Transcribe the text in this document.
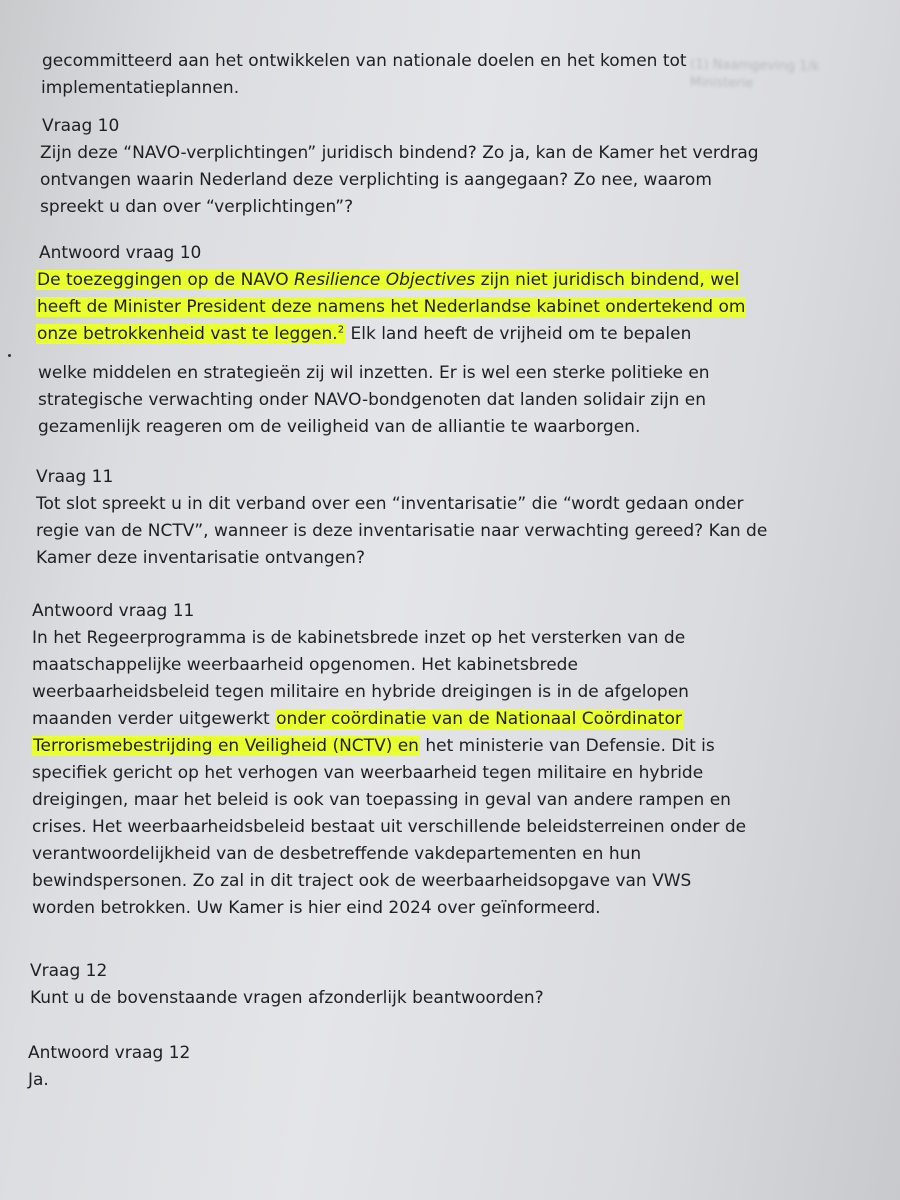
(1) Naamgeving 1/k
Ministerie
gecommitteerd aan het ontwikkelen van nationale doelen en het komen tot
implementatieplannen.
Vraag 10
Zijn deze “NAVO-verplichtingen” juridisch bindend? Zo ja, kan de Kamer het verdrag
ontvangen waarin Nederland deze verplichting is aangegaan? Zo nee, waarom
spreekt u dan over “verplichtingen”?
Antwoord vraag 10
De toezeggingen op de NAVO Resilience Objectives zijn niet juridisch bindend, wel
heeft de Minister President deze namens het Nederlandse kabinet ondertekend om
onze betrokkenheid vast te leggen.$^2$ Elk land heeft de vrijheid om te bepalen
welke middelen en strategieën zij wil inzetten. Er is wel een sterke politieke en
strategische verwachting onder NAVO-bondgenoten dat landen solidair zijn en
gezamenlijk reageren om de veiligheid van de alliantie te waarborgen.
Vraag 11
Tot slot spreekt u in dit verband over een “inventarisatie” die “wordt gedaan onder
regie van de NCTV”, wanneer is deze inventarisatie naar verwachting gereed? Kan de
Kamer deze inventarisatie ontvangen?
Antwoord vraag 11
In het Regeerprogramma is de kabinetsbrede inzet op het versterken van de
maatschappelijke weerbaarheid opgenomen. Het kabinetsbrede
weerbaarheidsbeleid tegen militaire en hybride dreigingen is in de afgelopen
maanden verder uitgewerkt onder coördinatie van de Nationaal Coördinator
Terrorismebestrijding en Veiligheid (NCTV) en het ministerie van Defensie. Dit is
specifiek gericht op het verhogen van weerbaarheid tegen militaire en hybride
dreigingen, maar het beleid is ook van toepassing in geval van andere rampen en
crises. Het weerbaarheidsbeleid bestaat uit verschillende beleidsterreinen onder de
verantwoordelijkheid van de desbetreffende vakdepartementen en hun
bewindspersonen. Zo zal in dit traject ook de weerbaarheidsopgave van VWS
worden betrokken. Uw Kamer is hier eind 2024 over geïnformeerd.
Vraag 12
Kunt u de bovenstaande vragen afzonderlijk beantwoorden?
Antwoord vraag 12
Ja.
